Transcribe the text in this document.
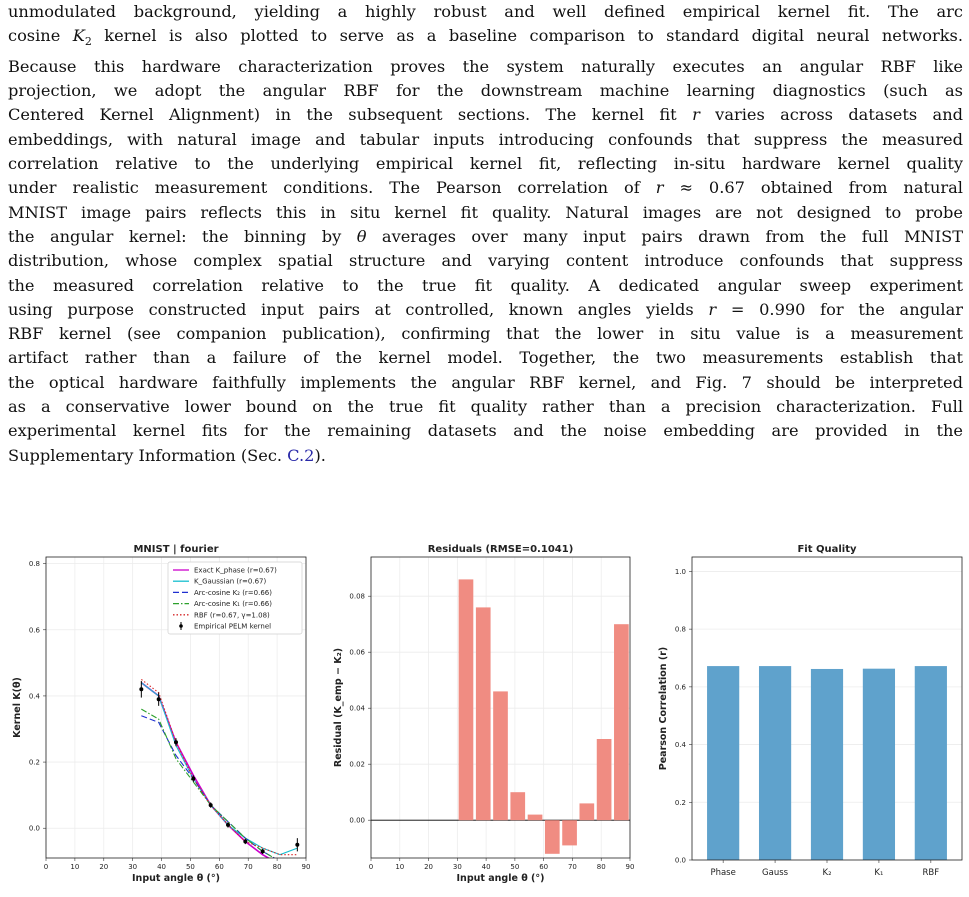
unmodulated background, yielding a highly robust and well defined empirical kernel fit. The arc
cosine $K_2$ kernel is also plotted to serve as a baseline comparison to standard digital neural networks.
Because this hardware characterization proves the system naturally executes an angular RBF like
projection, we adopt the angular RBF for the downstream machine learning diagnostics (such as
Centered Kernel Alignment) in the subsequent sections. The kernel fit r varies across datasets and
embeddings, with natural image and tabular inputs introducing confounds that suppress the measured
correlation relative to the underlying empirical kernel fit, reflecting in-situ hardware kernel quality
under realistic measurement conditions. The Pearson correlation of r ≈ 0.67 obtained from natural
MNIST image pairs reflects this in situ kernel fit quality. Natural images are not designed to probe
the angular kernel: the binning by θ averages over many input pairs drawn from the full MNIST
distribution, whose complex spatial structure and varying content introduce confounds that suppress
the measured correlation relative to the true fit quality. A dedicated angular sweep experiment
using purpose constructed input pairs at controlled, known angles yields r = 0.990 for the angular
RBF kernel (see companion publication), confirming that the lower in situ value is a measurement
artifact rather than a failure of the kernel model. Together, the two measurements establish that
the optical hardware faithfully implements the angular RBF kernel, and Fig. 7 should be interpreted
as a conservative lower bound on the true fit quality rather than a precision characterization. Full
experimental kernel fits for the remaining datasets and the noise embedding are provided in the
Supplementary Information (Sec. C.2).
0	10	20	30	40	50	60	70	80	90
0.0
0.2
0.4
0.6
0.8
Exact K_phase (r=0.67)
K_Gaussian (r=0.67)
Arc-cosine K₂ (r=0.66)
Arc-cosine K₁ (r=0.66)
RBF (r=0.67, γ=1.08)
Empirical PELM kernel
MNIST | fourier
Input angle θ (°)
Kernel K(θ)
0	10	20	30	40	50	60	70	80	90
0.00
0.02
0.04
0.06
0.08
Residuals (RMSE=0.1041)
Input angle θ (°)
Residual (K_emp − K₂)
0.0
0.2
0.4
0.6
0.8
1.0
Phase	Gauss	K₂	K₁	RBF
Fit Quality
Pearson Correlation (r)
